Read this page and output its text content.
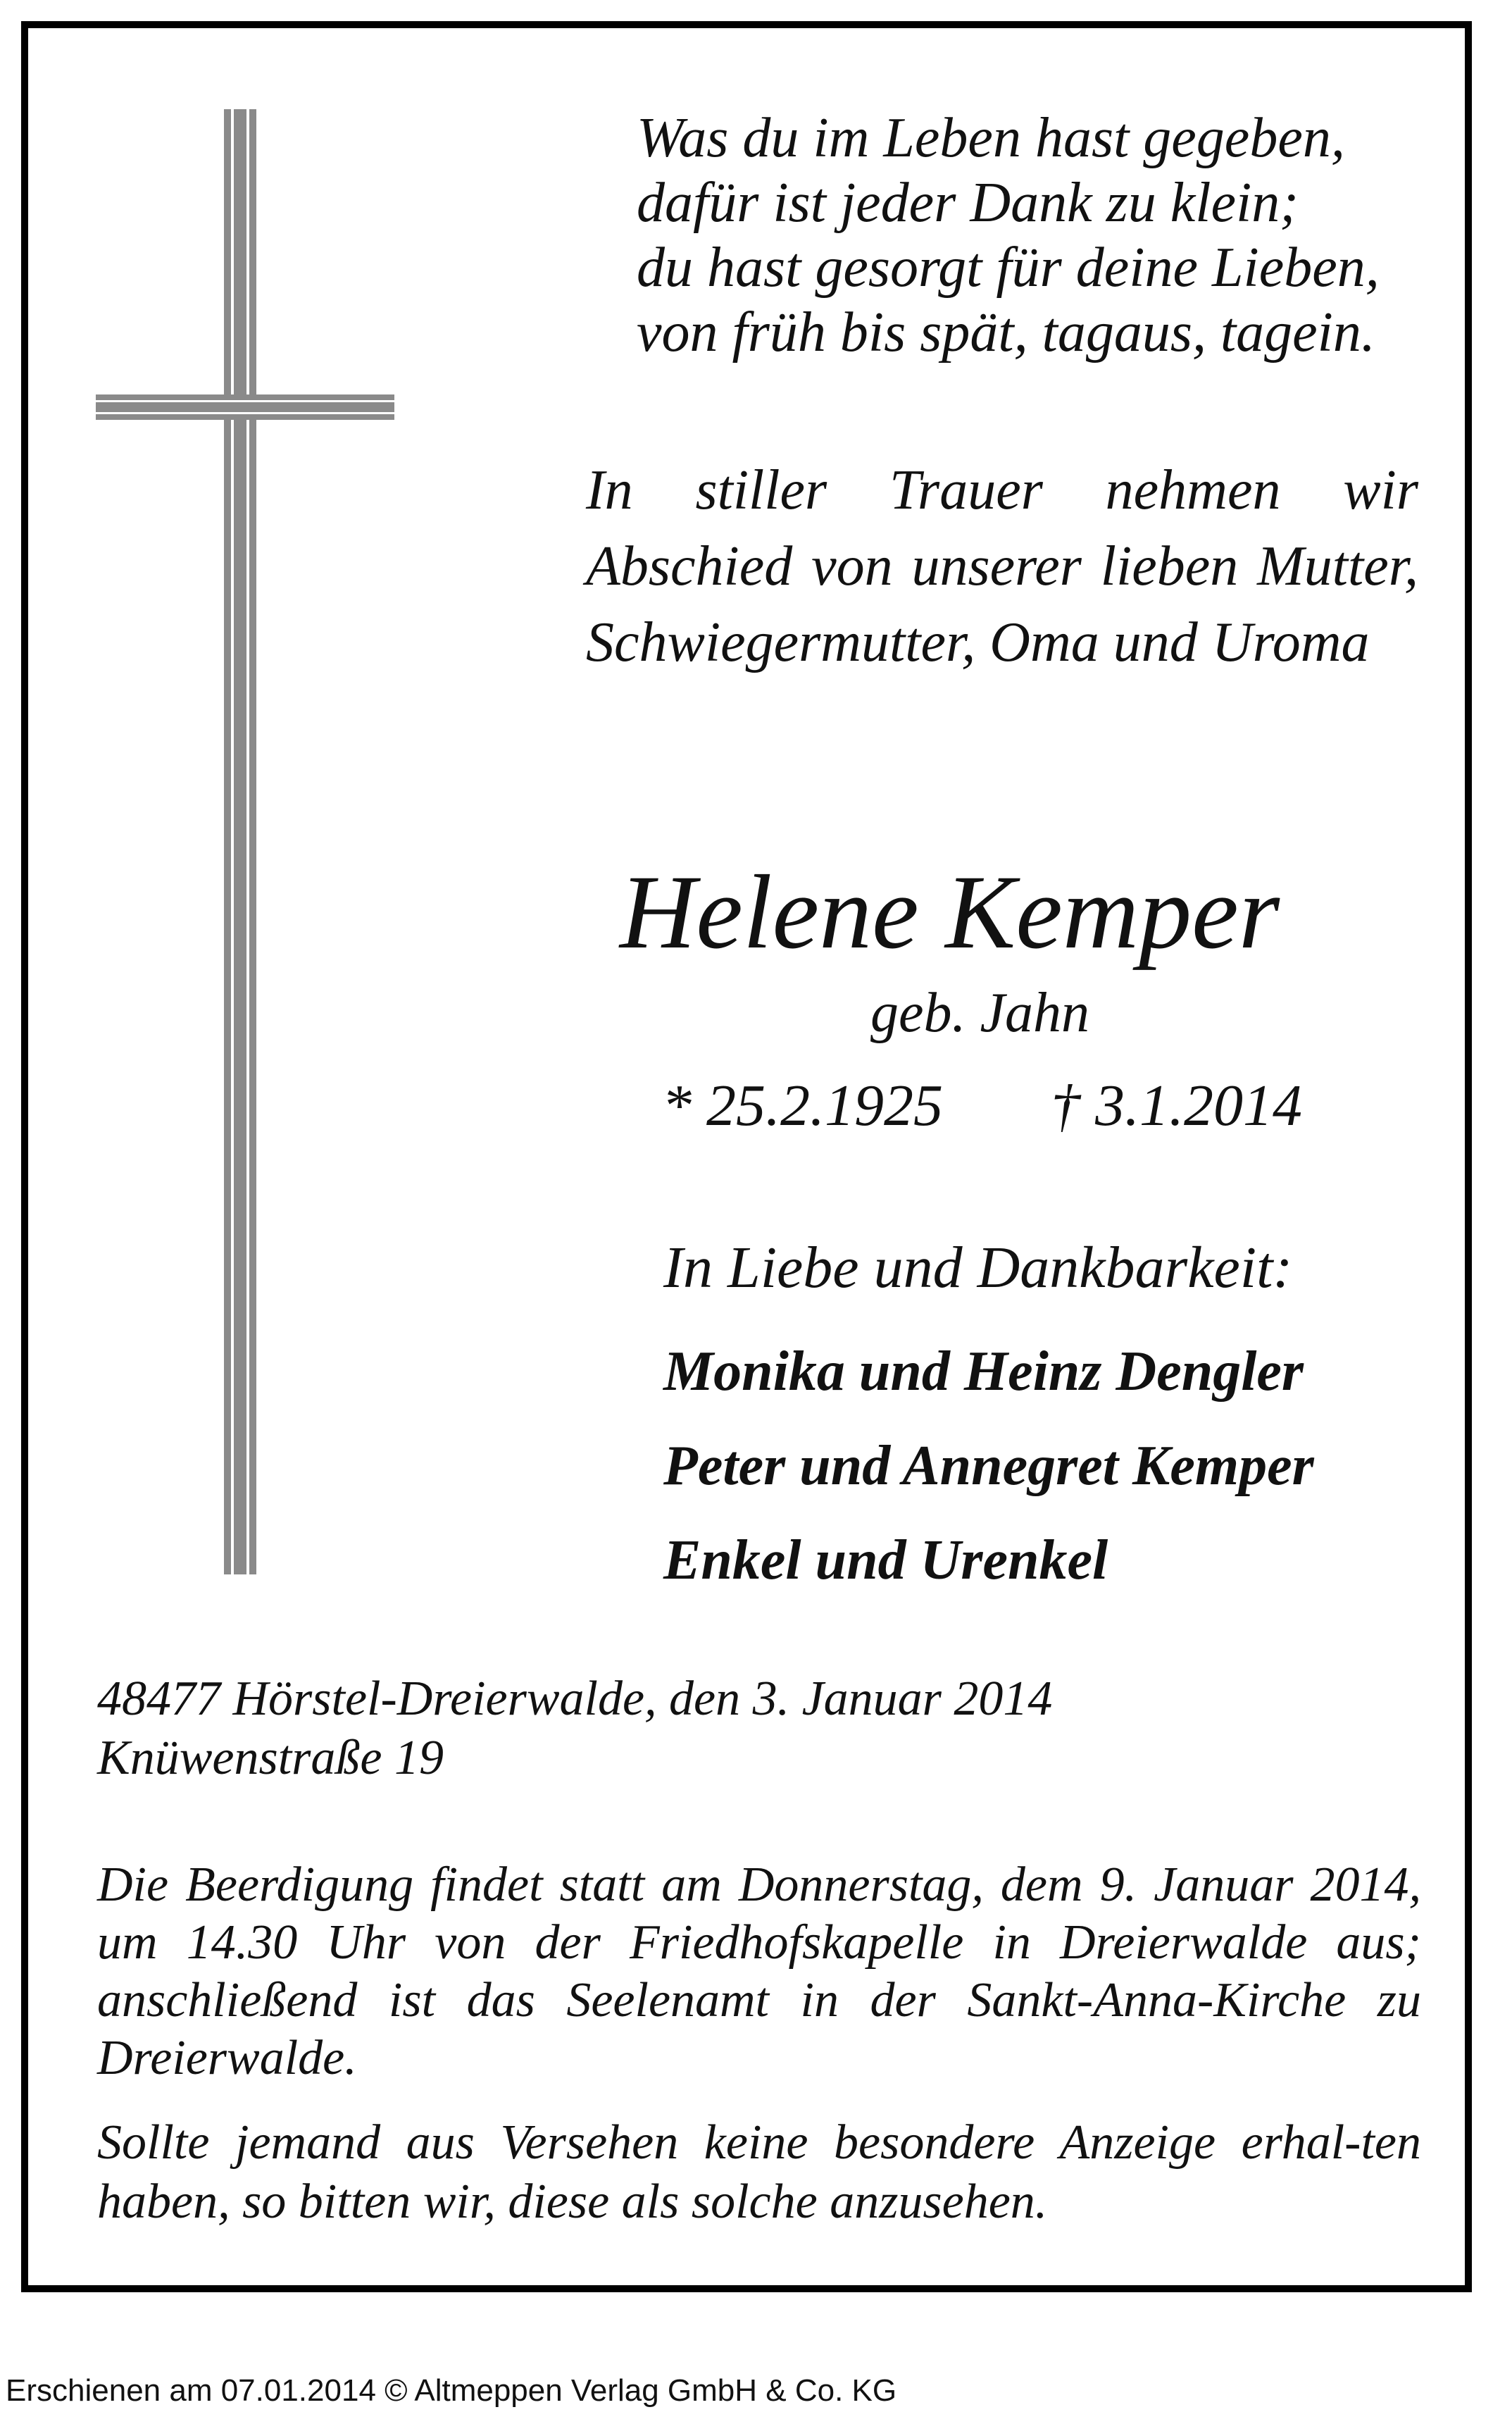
Was du im Leben hast gegeben,
dafür ist jeder Dank zu klein;
du hast gesorgt für deine Lieben,
von früh bis spät, tagaus, tagein.
In stiller Trauer nehmen wir Abschied von unserer lieben Mutter, Schwiegermutter, Oma und Uroma
Helene Kemper
geb. Jahn
* 25.2.1925 † 3.1.2014
In Liebe und Dankbarkeit:
Monika und Heinz Dengler
Peter und Annegret Kemper
Enkel und Urenkel
48477 Hörstel-Dreierwalde, den 3. Januar 2014
Knüwenstraße 19
Die Beerdigung findet statt am Donnerstag, dem 9. Januar 2014, um 14.30 Uhr von der Friedhofskapelle in Dreierwalde aus; anschließend ist das Seelenamt in der Sankt-Anna-Kirche zu Dreierwalde.
Sollte jemand aus Versehen keine besondere Anzeige erhal-ten haben, so bitten wir, diese als solche anzusehen.
Erschienen am 07.01.2014 © Altmeppen Verlag GmbH & Co. KG
